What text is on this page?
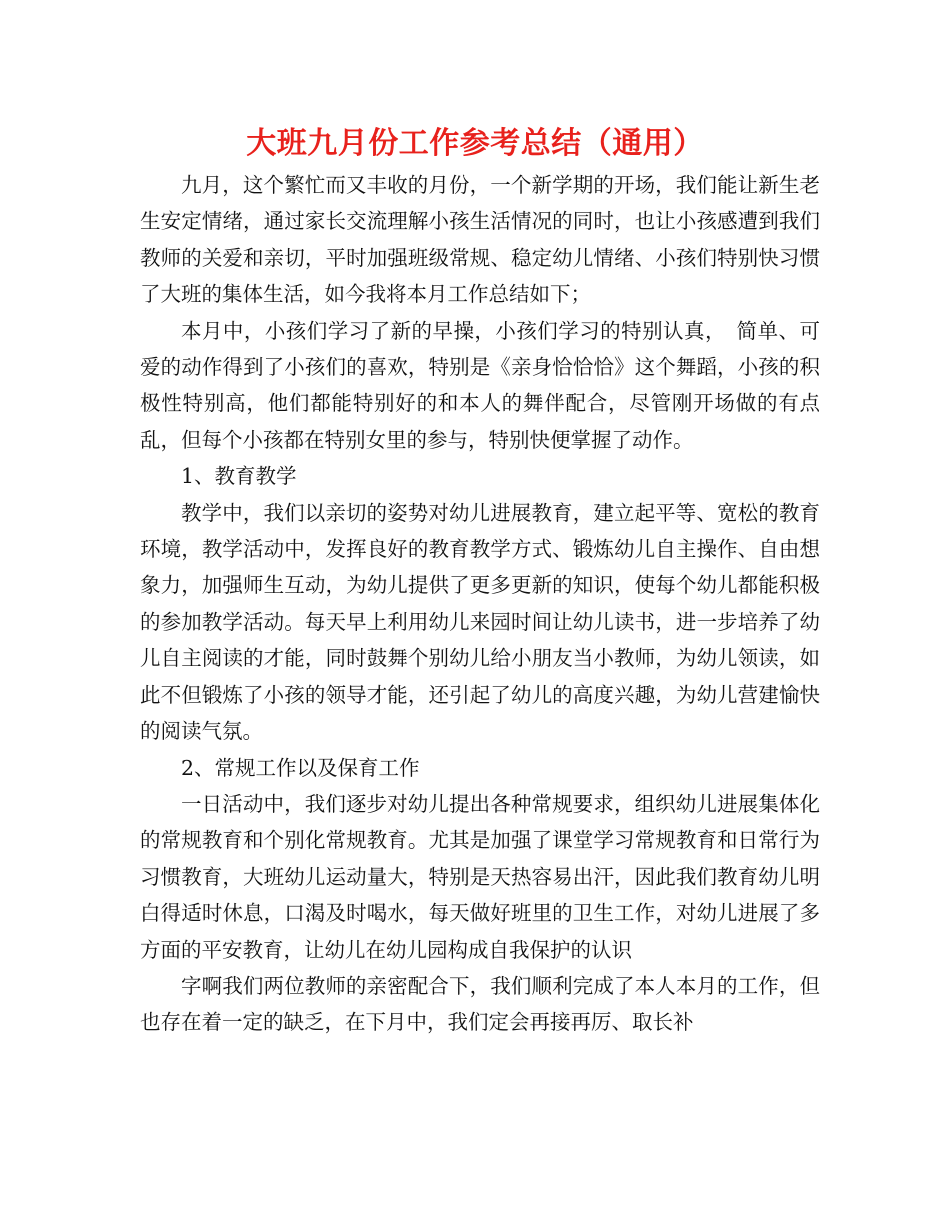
大班九月份工作参考总结（通用）

九月，这个繁忙而又丰收的月份，一个新学期的开场，我们能让新生老生安定情绪，通过家长交流理解小孩生活情况的同时，也让小孩感遭到我们教师的关爱和亲切，平时加强班级常规、稳定幼儿情绪、小孩们特别快习惯了大班的集体生活，如今我将本月工作总结如下；

本月中，小孩们学习了新的早操，小孩们学习的特别认真，　简单、可爱的动作得到了小孩们的喜欢，特别是《亲身恰恰恰》这个舞蹈，小孩的积极性特别高，他们都能特别好的和本人的舞伴配合，尽管刚开场做的有点乱，但每个小孩都在特别女里的参与，特别快便掌握了动作。

1、教育教学

教学中，我们以亲切的姿势对幼儿进展教育，建立起平等、宽松的教育环境，教学活动中，发挥良好的教育教学方式、锻炼幼儿自主操作、自由想象力，加强师生互动，为幼儿提供了更多更新的知识，使每个幼儿都能积极的参加教学活动。每天早上利用幼儿来园时间让幼儿读书，进一步培养了幼儿自主阅读的才能，同时鼓舞个别幼儿给小朋友当小教师，为幼儿领读，如此不但锻炼了小孩的领导才能，还引起了幼儿的高度兴趣，为幼儿营建愉快的阅读气氛。

2、常规工作以及保育工作

一日活动中，我们逐步对幼儿提出各种常规要求，组织幼儿进展集体化的常规教育和个别化常规教育。尤其是加强了课堂学习常规教育和日常行为习惯教育，大班幼儿运动量大，特别是天热容易出汗，因此我们教育幼儿明白得适时休息，口渴及时喝水，每天做好班里的卫生工作，对幼儿进展了多方面的平安教育，让幼儿在幼儿园构成自我保护的认识

字啊我们两位教师的亲密配合下，我们顺利完成了本人本月的工作，但也存在着一定的缺乏，在下月中，我们定会再接再厉、取长补
